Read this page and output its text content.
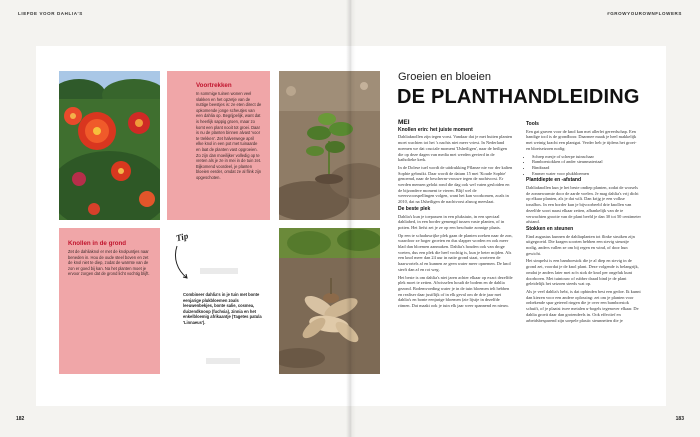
LIEFDE VOOR DAHLIA'S	#GROWYOUROWNFLOWERS

Voortrekken

In sommige tuinen wonen veel slakken en het opzetje van de nuttige beestjes is: ze eten direct de opkomende jonge scheutjes van een dahlia op. Begrijpelijk, want dat is heerlijk sappig groen, maar zo komt een plant nooit tot groei. Daar is nu de planten binnen alvast 'voor te trekken'. Zet halverwege april elke knol in een pot met tuinaarde en laat de planten vast opgroeien. Zo zijn dan moeilijker volledig op te vreten als je ze in mei in de tuin zet. Bijkomend voordeel, je planten bloeien eerder, omdat ze al flink zijn opgeschoten.

Knollen in de grond

Zet de dahliaknol er met de knolpuntjes naar beneden in. Hou de oude steel boven en zet de knol niet te diep, zodat de warmte van de zon er goed bij kan. Na het planten moet je ervoor zorgen dat de grond licht vochtig blijft.

Tip
Combineer dahlia's in je tuin met bonte eenjarige plukbloemen zoals leeuwenbekjes, bonte salie, cosmea, duizendknoop (fuchsia), zinnia en het enkelbloemig afrikaantje (Tagetes patula 'Linnaeus').
Groeien en bloeien
DE PLANTHANDLEIDING
MEI
Knollen erin: het juiste moment

Dahliaknollen zijn tegen vorst. Vandaar dat je met buiten planten moet wachten tot het 's nachts niet meer vriest. In Nederland noemen we dat cruciale moment 'IJsheiligen', naar de heiligen die op deze dagen van media mei werden gevierd in de katholieke kerk.

In de Dolese tuel wordt de uitdrukking Pflanze nie vor der kalten Sophie gebruikt. Daar wordt de datum 15 mei 'Koude Sophie' genoemd, naar de bescherm-vrouwe tegen de nachtvorst. Er werden mensen gelokt rond die dag ook wel vaten geslotden en de bijzondere moment te vieren. Blijf wel de weersvoorspellingen volgen, want het kan voorkomen, zoals in 2010, dat na IJsheiligen de nachtvorst alsnog meeslaat.

De beste plek

Dahlia's kun je toepassen in een plukstuin, in een speciaal dahliabed, in een border gemengd tussen vaste planten, of in potten. Het liefst zet je ze op een beschutte zonnige plaats.

Op een te schaduwrijke plek gaan de planten zoeken naar de zon, waardoor ze hoger groeien en dus slapper worden en ook meer blad dan bloemen aanmaken. Dahlia's houden ook van droge voeten, dus een plek die heel vochtig is, kun je beter mijden. Als een knol meer dan 24 uur in natte grond staat, worteren de haarwortels af en kunnen ze geen water meer opnemen. De knol sterft dan af en rot weg.

Het beste is om dahlia's niet jaren achter elkaar op exact dezelfde plek moet te zetten. Afwisselen houdt de bodem en de dahlia gezond. Bodemvoeding water je in de tuin bloemen telt hebben en realiser daar justflijk of in elk geval om de drie jaar met dahlia's en bonte eenjarige bloemen (zie lijstje in dezelfde ritmen. Dat maakt ook je tuin elk jaar weer spannend en nieuw.

Tools

Een gat graven voor de knol kan met allerlei gereedschap. Een handige tool is de grondboor. Daarmee maak je heel makkelijk met weinig kracht een plantgat. Verder heb je tijdens het groei- en bloeiseizoen nodig:

• Schrep mesje of scherpe tuinschaar
• Bamboestokken of ander steunmateriaal
• Bindtraad
• Emmer water voor plukbloemen
Plantdiepte en -afstand

Dahliaknollen kun je het beste ondiep planten, zodat de worsels de zonnewarmte door de aarde voelen. Je mag dahlia's vrij dicht op elkaar planten, als je dat wilt. Dan krijg je een volkse tonalbos. In een border kun je bijvoorbeeld drie knollen van dezelfde soort naast elkaar zetten, afhankelijk van de te verwachten grootte van de plant beeld je dan 30 tot 50 centimeter afstand.

Stokken en steunen

Eind augustus kunnen de dahliaplanten tot flinke struiken zijn uitgegroeid. Die kragen soorten hebben een stevig steuntje nodig, anders vallen ze om bij regen en wind, of door hun gewicht.

Het simpelst is een bamboestok die je al diep en stevig in de grond zet, voordat je de knol plant. Deze volgende is belangrijk, omdat je anders later met zo'n stok de knol per ongeluk kunt doorboren. Met tuintouw of rubber draad bind je de plant geleidelijk het seizoen steeds wat op.

Als je veel dahlia's hebt, is dat opbinden best een gedoe. Ik kunnt dan kiezen voor een andere oplossing: zet om je planten voor onbekende spar geteerd ringen die je over een bamboestok schuift, of je plaatst twee metalen u-bogels tegenover elkaar. De dahlia groeit daar dan grotendeels in. Ook effectief en arbeidsbesparend zijn soepele plastic steunnetten die je

182	183
